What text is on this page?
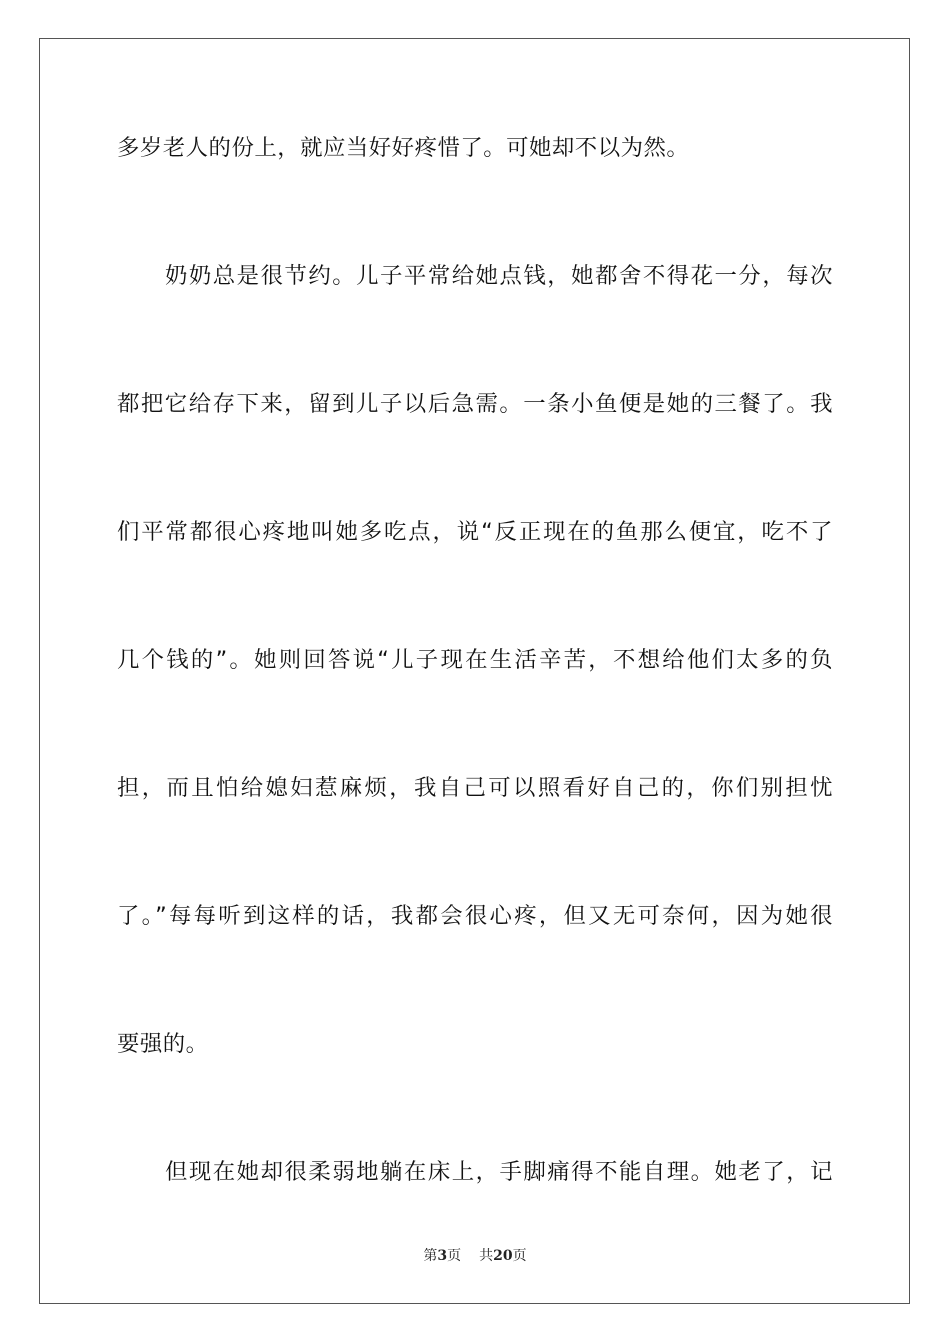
多岁老人的份上，就应当好好疼惜了。可她却不以为然。
奶奶总是很节约。儿子平常给她点钱，她都舍不得花一分，每次
都把它给存下来，留到儿子以后急需。一条小鱼便是她的三餐了。我
们平常都很心疼地叫她多吃点，说“反正现在的鱼那么便宜，吃不了
几个钱的”。她则回答说“儿子现在生活辛苦，不想给他们太多的负
担，而且怕给媳妇惹麻烦，我自己可以照看好自己的，你们别担忧
了。”每每听到这样的话，我都会很心疼，但又无可奈何，因为她很
要强的。
但现在她却很柔弱地躺在床上，手脚痛得不能自理。她老了，记
第3页 共20页
